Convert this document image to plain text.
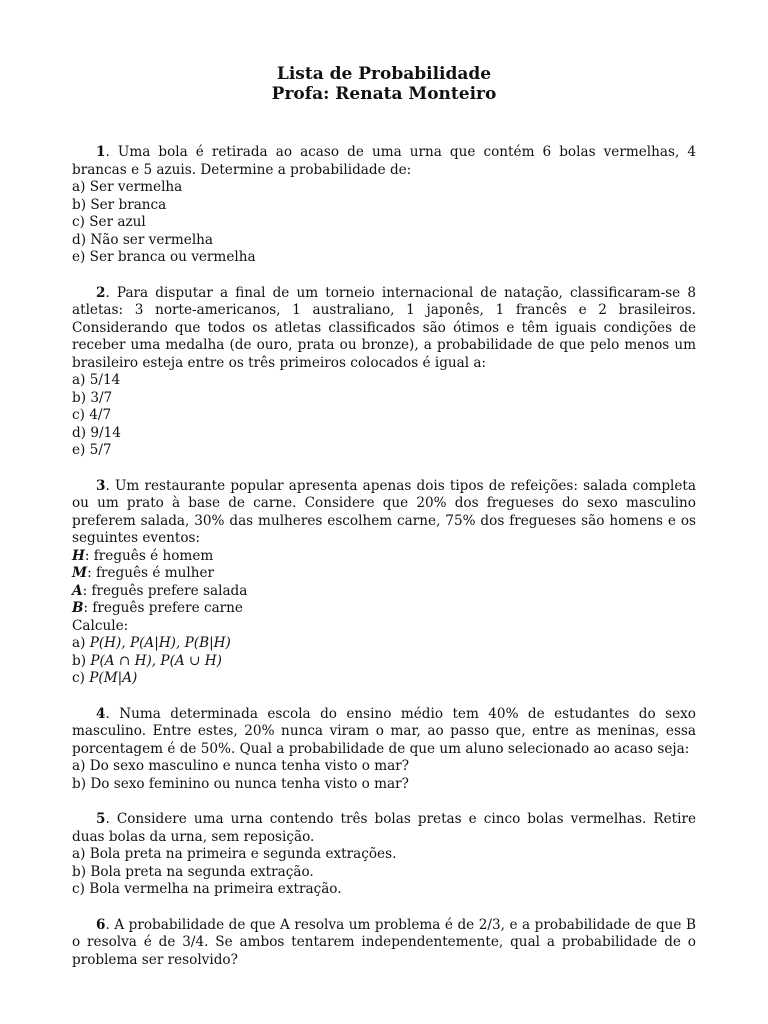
Lista de Probabilidade
Profa: Renata Monteiro
1. Uma bola é retirada ao acaso de uma urna que contém 6 bolas vermelhas, 4 brancas e 5 azuis. Determine a probabilidade de:
a) Ser vermelha
b) Ser branca
c) Ser azul
d) Não ser vermelha
e) Ser branca ou vermelha
2. Para disputar a final de um torneio internacional de natação, classificaram-se 8 atletas: 3 norte-americanos, 1 australiano, 1 japonês, 1 francês e 2 brasileiros. Considerando que todos os atletas classificados são ótimos e têm iguais condições de receber uma medalha (de ouro, prata ou bronze), a probabilidade de que pelo menos um brasileiro esteja entre os três primeiros colocados é igual a:
a) 5/14
b) 3/7
c) 4/7
d) 9/14
e) 5/7
3. Um restaurante popular apresenta apenas dois tipos de refeições: salada completa ou um prato à base de carne. Considere que 20% dos fregueses do sexo masculino preferem salada, 30% das mulheres escolhem carne, 75% dos fregueses são homens e os seguintes eventos:
H: freguês é homem
M: freguês é mulher
A: freguês prefere salada
B: freguês prefere carne
Calcule:
a) P(H), P(A|H), P(B|H)
b) P(A ∩ H), P(A ∪ H)
c) P(M|A)
4. Numa determinada escola do ensino médio tem 40% de estudantes do sexo masculino. Entre estes, 20% nunca viram o mar, ao passo que, entre as meninas, essa porcentagem é de 50%. Qual a probabilidade de que um aluno selecionado ao acaso seja:
a) Do sexo masculino e nunca tenha visto o mar?
b) Do sexo feminino ou nunca tenha visto o mar?
5. Considere uma urna contendo três bolas pretas e cinco bolas vermelhas. Retire duas bolas da urna, sem reposição.
a) Bola preta na primeira e segunda extrações.
b) Bola preta na segunda extração.
c) Bola vermelha na primeira extração.
6. A probabilidade de que A resolva um problema é de 2/3, e a probabilidade de que B o resolva é de 3/4. Se ambos tentarem independentemente, qual a probabilidade de o problema ser resolvido?
